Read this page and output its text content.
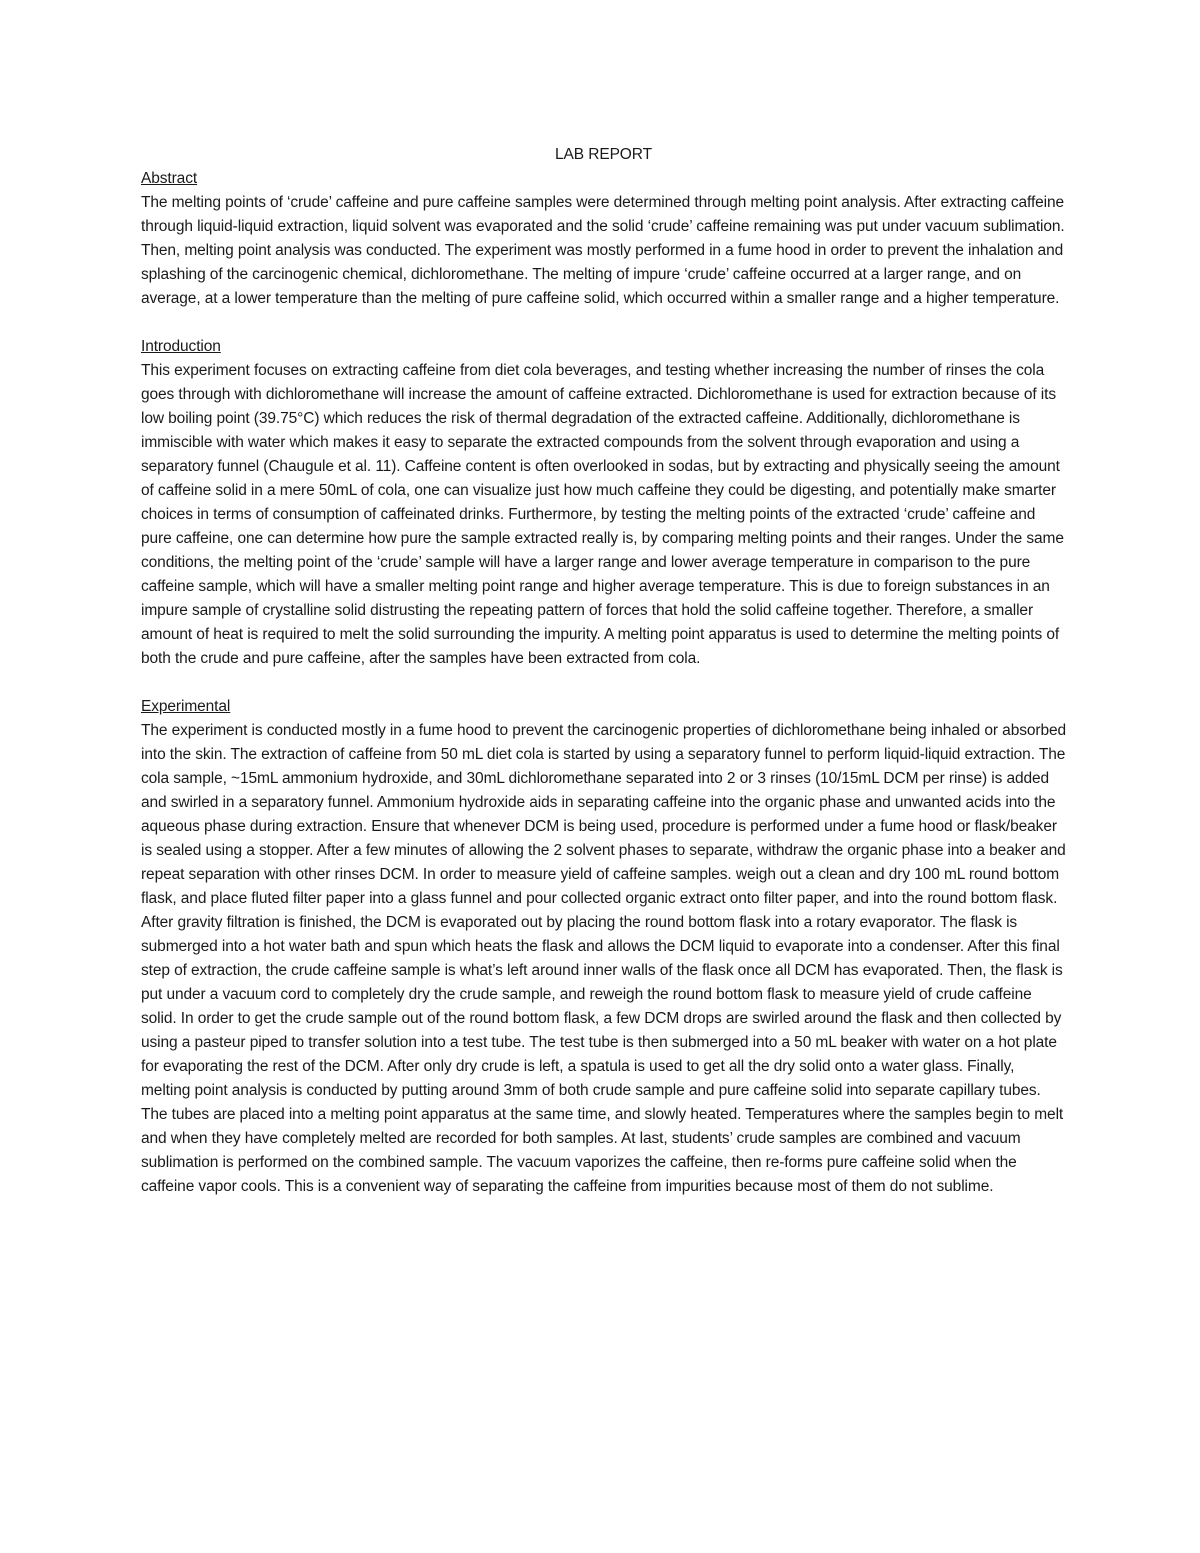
LAB REPORT
Abstract

The melting points of ‘crude’ caffeine and pure caffeine samples were determined through melting point analysis. After extracting caffeine through liquid-liquid extraction, liquid solvent was evaporated and the solid ‘crude’ caffeine remaining was put under vacuum sublimation. Then, melting point analysis was conducted. The experiment was mostly performed in a fume hood in order to prevent the inhalation and splashing of the carcinogenic chemical, dichloromethane. The melting of impure ‘crude’ caffeine occurred at a larger range, and on average, at a lower temperature than the melting of pure caffeine solid, which occurred within a smaller range and a higher temperature.

Introduction

This experiment focuses on extracting caffeine from diet cola beverages, and testing whether increasing the number of rinses the cola goes through with dichloromethane will increase the amount of caffeine extracted. Dichloromethane is used for extraction because of its low boiling point (39.75°C) which reduces the risk of thermal degradation of the extracted caffeine. Additionally, dichloromethane is immiscible with water which makes it easy to separate the extracted compounds from the solvent through evaporation and using a separatory funnel (Chaugule et al. 11). Caffeine content is often overlooked in sodas, but by extracting and physically seeing the amount of caffeine solid in a mere 50mL of cola, one can visualize just how much caffeine they could be digesting, and potentially make smarter choices in terms of consumption of caffeinated drinks. Furthermore, by testing the melting points of the extracted ‘crude’ caffeine and pure caffeine, one can determine how pure the sample extracted really is, by comparing melting points and their ranges. Under the same conditions, the melting point of the ‘crude’ sample will have a larger range and lower average temperature in comparison to the pure caffeine sample, which will have a smaller melting point range and higher average temperature. This is due to foreign substances in an impure sample of crystalline solid distrusting the repeating pattern of forces that hold the solid caffeine together. Therefore, a smaller amount of heat is required to melt the solid surrounding the impurity. A melting point apparatus is used to determine the melting points of both the crude and pure caffeine, after the samples have been extracted from cola.

Experimental

The experiment is conducted mostly in a fume hood to prevent the carcinogenic properties of dichloromethane being inhaled or absorbed into the skin. The extraction of caffeine from 50 mL diet cola is started by using a separatory funnel to perform liquid-liquid extraction. The cola sample, ~15mL ammonium hydroxide, and 30mL dichloromethane separated into 2 or 3 rinses (10/15mL DCM per rinse) is added and swirled in a separatory funnel. Ammonium hydroxide aids in separating caffeine into the organic phase and unwanted acids into the aqueous phase during extraction. Ensure that whenever DCM is being used, procedure is performed under a fume hood or flask/beaker is sealed using a stopper. After a few minutes of allowing the 2 solvent phases to separate, withdraw the organic phase into a beaker and repeat separation with other rinses DCM. In order to measure yield of caffeine samples. weigh out a clean and dry 100 mL round bottom flask, and place fluted filter paper into a glass funnel and pour collected organic extract onto filter paper, and into the round bottom flask. After gravity filtration is finished, the DCM is evaporated out by placing the round bottom flask into a rotary evaporator. The flask is submerged into a hot water bath and spun which heats the flask and allows the DCM liquid to evaporate into a condenser. After this final step of extraction, the crude caffeine sample is what’s left around inner walls of the flask once all DCM has evaporated. Then, the flask is put under a vacuum cord to completely dry the crude sample, and reweigh the round bottom flask to measure yield of crude caffeine solid. In order to get the crude sample out of the round bottom flask, a few DCM drops are swirled around the flask and then collected by using a pasteur piped to transfer solution into a test tube. The test tube is then submerged into a 50 mL beaker with water on a hot plate for evaporating the rest of the DCM. After only dry crude is left, a spatula is used to get all the dry solid onto a water glass. Finally, melting point analysis is conducted by putting around 3mm of both crude sample and pure caffeine solid into separate capillary tubes. The tubes are placed into a melting point apparatus at the same time, and slowly heated. Temperatures where the samples begin to melt and when they have completely melted are recorded for both samples. At last, students’ crude samples are combined and vacuum sublimation is performed on the combined sample. The vacuum vaporizes the caffeine, then re-forms pure caffeine solid when the caffeine vapor cools. This is a convenient way of separating the caffeine from impurities because most of them do not sublime.
